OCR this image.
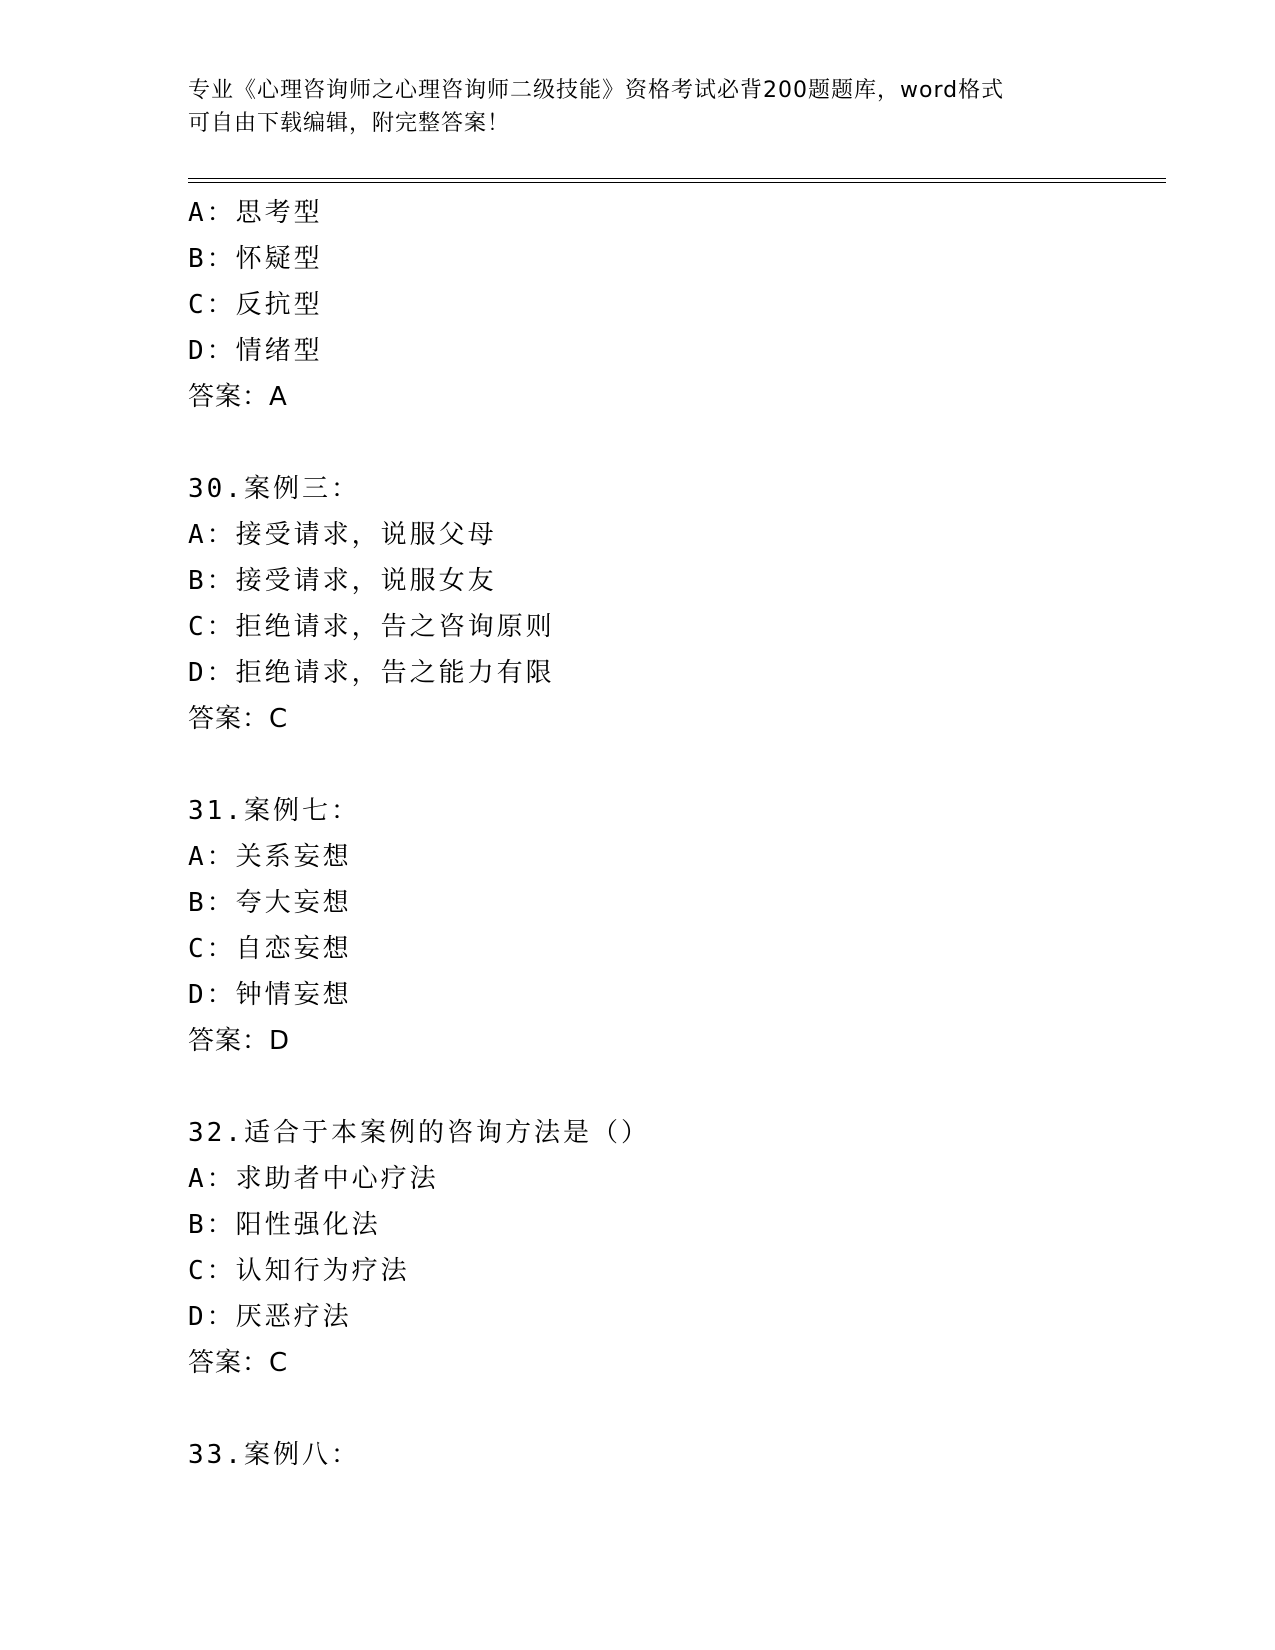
专业《心理咨询师之心理咨询师二级技能》资格考试必背200题题库，word格式
可自由下载编辑，附完整答案！
A：思考型
B：怀疑型
C：反抗型
D：情绪型
答案：A
30.案例三：
A：接受请求，说服父母
B：接受请求，说服女友
C：拒绝请求，告之咨询原则
D：拒绝请求，告之能力有限
答案：C
31.案例七：
A：关系妄想
B：夸大妄想
C：自恋妄想
D：钟情妄想
答案：D
32.适合于本案例的咨询方法是（）
A：求助者中心疗法
B：阳性强化法
C：认知行为疗法
D：厌恶疗法
答案：C
33.案例八：
